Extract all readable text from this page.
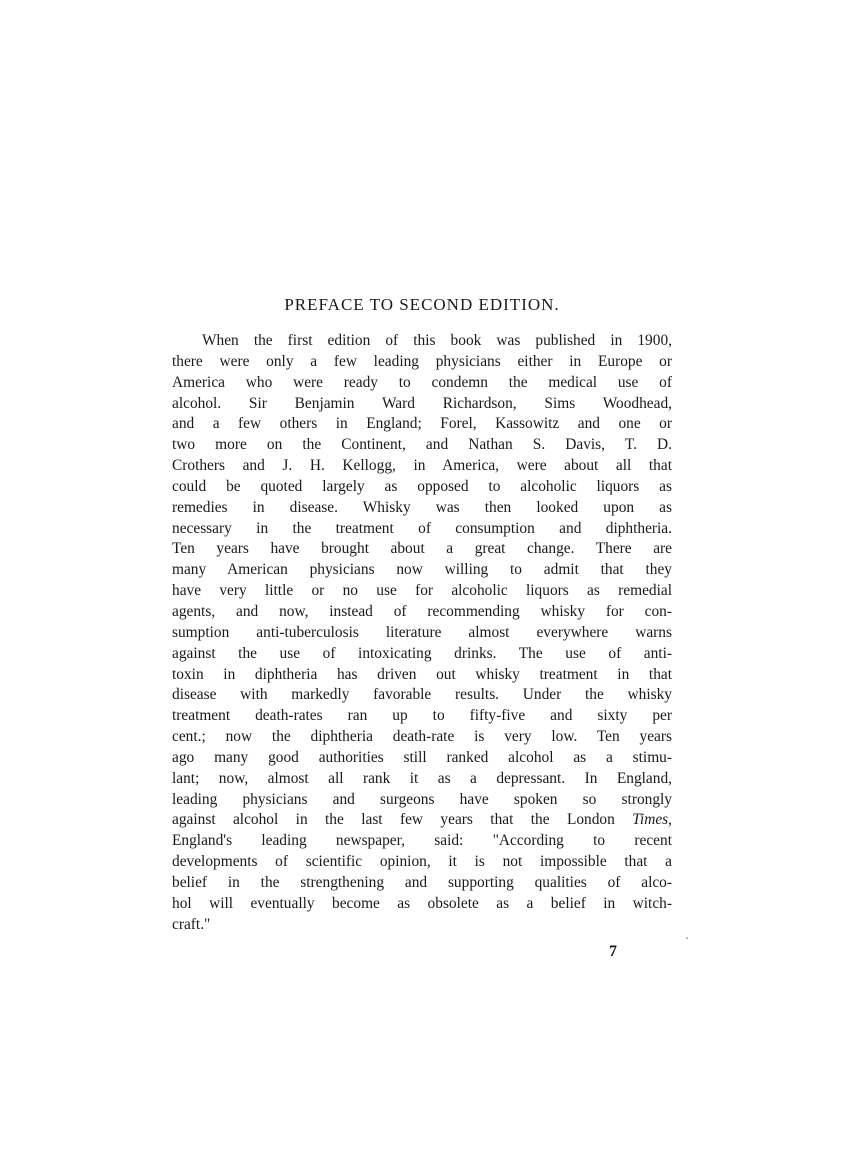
PREFACE TO SECOND EDITION.
When the first edition of this book was published in 1900,
there were only a few leading physicians either in Europe or
America who were ready to condemn the medical use of
alcohol. Sir Benjamin Ward Richardson, Sims Woodhead,
and a few others in England; Forel, Kassowitz and one or
two more on the Continent, and Nathan S. Davis, T. D.
Crothers and J. H. Kellogg, in America, were about all that
could be quoted largely as opposed to alcoholic liquors as
remedies in disease. Whisky was then looked upon as
necessary in the treatment of consumption and diphtheria.
Ten years have brought about a great change. There are
many American physicians now willing to admit that they
have very little or no use for alcoholic liquors as remedial
agents, and now, instead of recommending whisky for con-
sumption anti-tuberculosis literature almost everywhere warns
against the use of intoxicating drinks. The use of anti-
toxin in diphtheria has driven out whisky treatment in that
disease with markedly favorable results. Under the whisky
treatment death-rates ran up to fifty-five and sixty per
cent.; now the diphtheria death-rate is very low. Ten years
ago many good authorities still ranked alcohol as a stimu-
lant; now, almost all rank it as a depressant. In England,
leading physicians and surgeons have spoken so strongly
against alcohol in the last few years that the London Times,
England's leading newspaper, said: "According to recent
developments of scientific opinion, it is not impossible that a
belief in the strengthening and supporting qualities of alco-
hol will eventually become as obsolete as a belief in witch-
craft."
7
